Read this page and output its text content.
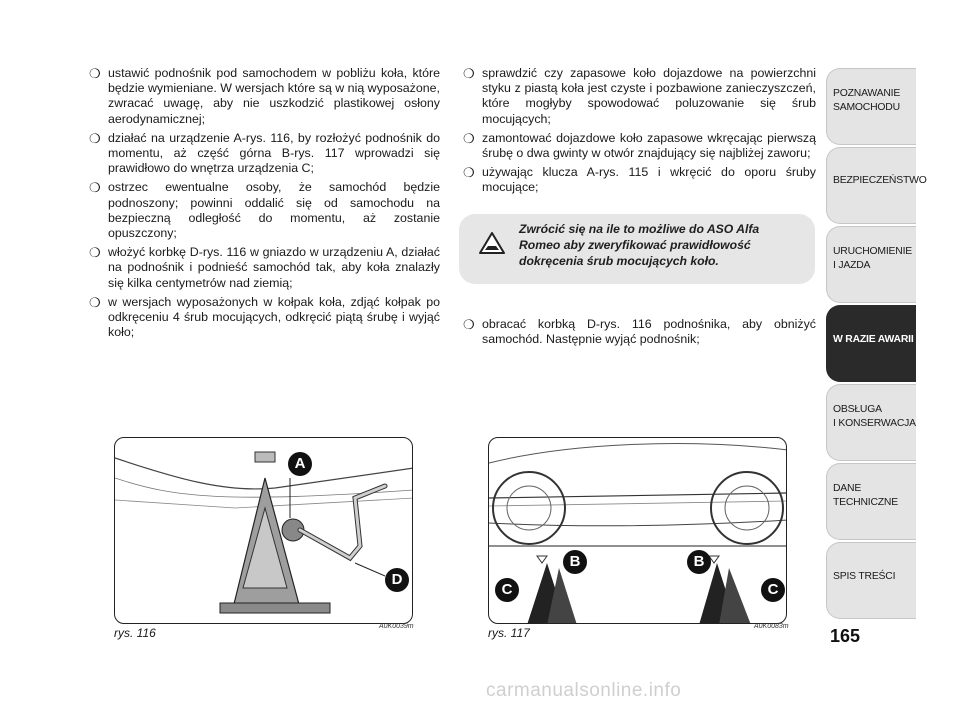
❍ ustawić podnośnik pod samochodem w pobliżu koła, które będzie wymieniane. W wersjach które są w nią wyposażone, zwracać uwagę, aby nie uszkodzić plastikowej osłony aerodynamicznej;
❍ działać na urządzenie A-rys. 116, by rozłożyć podnośnik do momentu, aż część górna B-rys. 117 wprowadzi się prawidłowo do wnętrza urządzenia C;
❍ ostrzec ewentualne osoby, że samochód będzie podnoszony; powinni oddalić się od samochodu na bezpieczną odległość do momentu, aż zostanie opuszczony;
❍ włożyć korbkę D-rys. 116 w gniazdo w urządzeniu A, działać na podnośnik i podnieść samochód tak, aby koła znalazły się kilka centymetrów nad ziemią;
❍ w wersjach wyposażonych w kołpak koła, zdjąć kołpak po odkręceniu 4 śrub mocujących, odkręcić piątą śrubę i wyjąć koło;
❍ sprawdzić czy zapasowe koło dojazdowe na powierzchni styku z piastą koła jest czyste i pozbawione zanieczyszczeń, które mogłyby spowodować poluzowanie się śrub mocujących;
❍ zamontować dojazdowe koło zapasowe wkręcając pierwszą śrubę o dwa gwinty w otwór znajdujący się najbliżej zaworu;
❍ używając klucza A-rys. 115 i wkręcić do oporu śruby mocujące;
Zwrócić się na ile to możliwe do ASO Alfa Romeo aby zweryfikować prawidłowość dokręcenia śrub mocujących koło.
❍ obracać korbką D-rys. 116 podnośnika, aby obniżyć samochód. Następnie wyjąć podnośnik;
POZNAWANIE
SAMOCHODU
BEZPIECZEŃSTWO
URUCHOMIENIE
I JAZDA
W RAZIE AWARII
OBSŁUGA
I KONSERWACJA
DANE
TECHNICZNE
SPIS TREŚCI
165
A
D
B
C
B
C
rys. 116	A0K0039m	rys. 117	A0K0083m
carmanualsonline.info
